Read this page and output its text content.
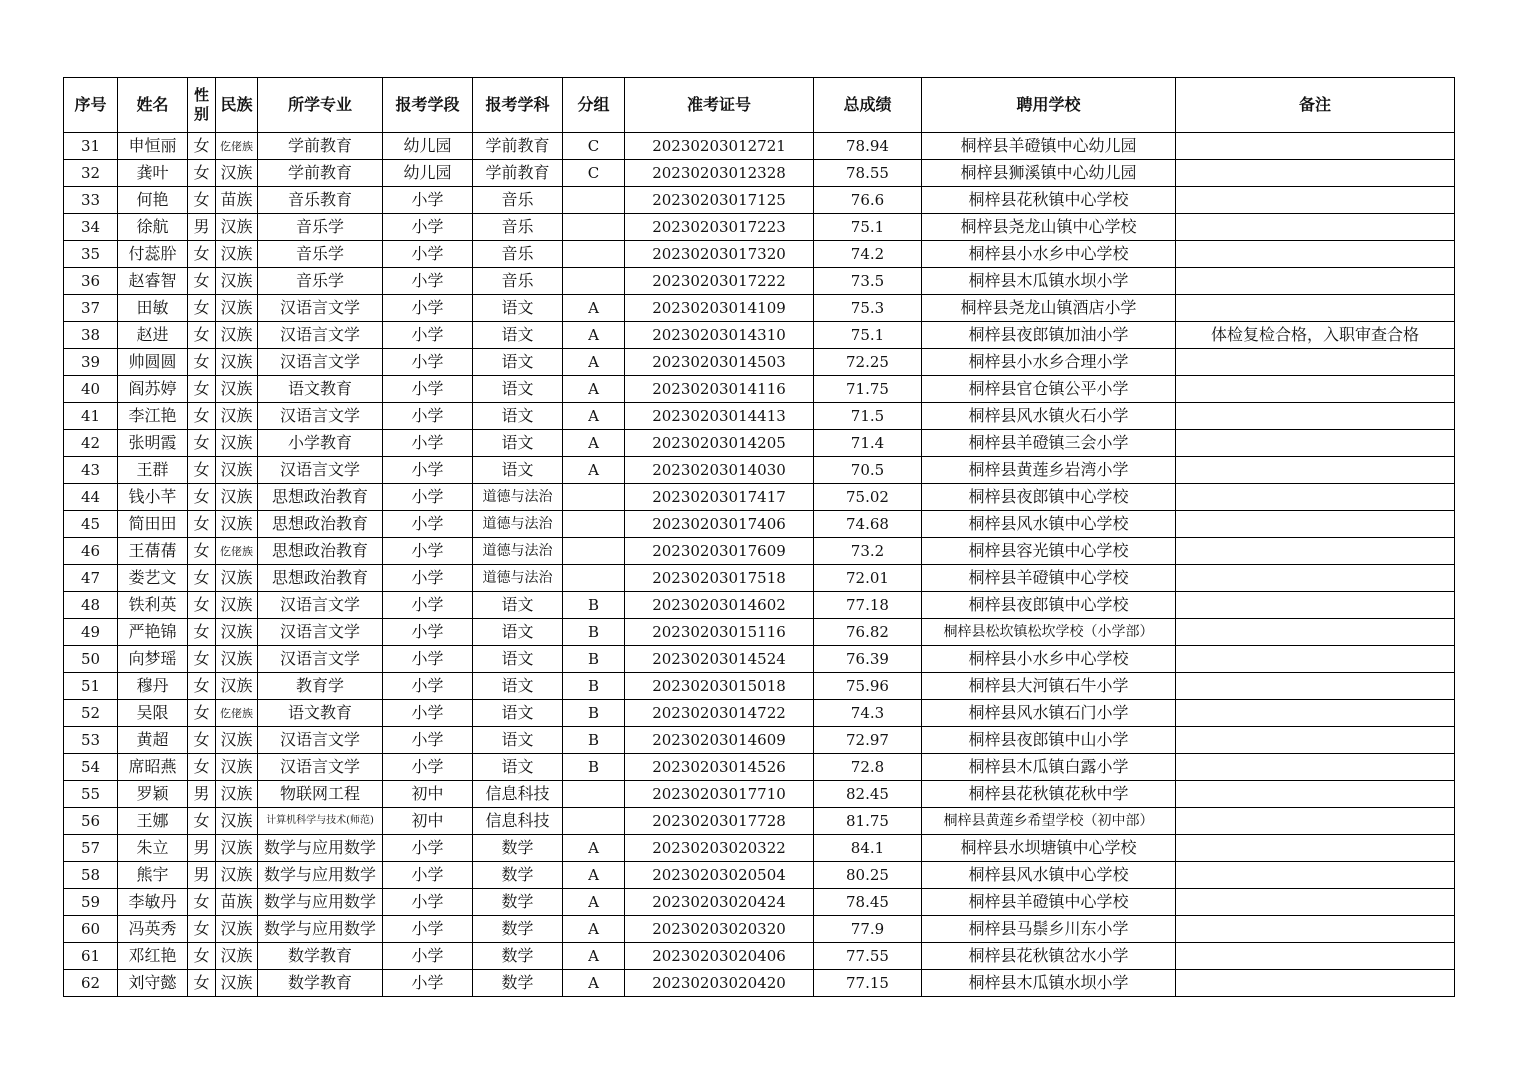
序号	姓名	性别	民族	所学专业	报考学段	报考学科	分组	准考证号	总成绩	聘用学校	备注
31	申恒丽	女	仡佬族	学前教育	幼儿园	学前教育	C	20230203012721	78.94	桐梓县羊磴镇中心幼儿园	
32	龚叶	女	汉族	学前教育	幼儿园	学前教育	C	20230203012328	78.55	桐梓县狮溪镇中心幼儿园	
33	何艳	女	苗族	音乐教育	小学	音乐		20230203017125	76.6	桐梓县花秋镇中心学校	
34	徐航	男	汉族	音乐学	小学	音乐		20230203017223	75.1	桐梓县尧龙山镇中心学校	
35	付蕊肸	女	汉族	音乐学	小学	音乐		20230203017320	74.2	桐梓县小水乡中心学校	
36	赵睿智	女	汉族	音乐学	小学	音乐		20230203017222	73.5	桐梓县木瓜镇水坝小学	
37	田敏	女	汉族	汉语言文学	小学	语文	A	20230203014109	75.3	桐梓县尧龙山镇酒店小学	
38	赵进	女	汉族	汉语言文学	小学	语文	A	20230203014310	75.1	桐梓县夜郎镇加油小学	体检复检合格，入职审查合格
39	帅圆圆	女	汉族	汉语言文学	小学	语文	A	20230203014503	72.25	桐梓县小水乡合理小学	
40	阎苏婷	女	汉族	语文教育	小学	语文	A	20230203014116	71.75	桐梓县官仓镇公平小学	
41	李江艳	女	汉族	汉语言文学	小学	语文	A	20230203014413	71.5	桐梓县风水镇火石小学	
42	张明霞	女	汉族	小学教育	小学	语文	A	20230203014205	71.4	桐梓县羊磴镇三会小学	
43	王群	女	汉族	汉语言文学	小学	语文	A	20230203014030	70.5	桐梓县黄莲乡岩湾小学	
44	钱小芊	女	汉族	思想政治教育	小学	道德与法治		20230203017417	75.02	桐梓县夜郎镇中心学校	
45	简田田	女	汉族	思想政治教育	小学	道德与法治		20230203017406	74.68	桐梓县风水镇中心学校	
46	王蒨蒨	女	仡佬族	思想政治教育	小学	道德与法治		20230203017609	73.2	桐梓县容光镇中心学校	
47	娄艺文	女	汉族	思想政治教育	小学	道德与法治		20230203017518	72.01	桐梓县羊磴镇中心学校	
48	铁利英	女	汉族	汉语言文学	小学	语文	B	20230203014602	77.18	桐梓县夜郎镇中心学校	
49	严艳锦	女	汉族	汉语言文学	小学	语文	B	20230203015116	76.82	桐梓县松坎镇松坎学校（小学部）	
50	向梦瑶	女	汉族	汉语言文学	小学	语文	B	20230203014524	76.39	桐梓县小水乡中心学校	
51	穆丹	女	汉族	教育学	小学	语文	B	20230203015018	75.96	桐梓县大河镇石牛小学	
52	吴限	女	仡佬族	语文教育	小学	语文	B	20230203014722	74.3	桐梓县风水镇石门小学	
53	黄超	女	汉族	汉语言文学	小学	语文	B	20230203014609	72.97	桐梓县夜郎镇中山小学	
54	席昭燕	女	汉族	汉语言文学	小学	语文	B	20230203014526	72.8	桐梓县木瓜镇白露小学	
55	罗颖	男	汉族	物联网工程	初中	信息科技		20230203017710	82.45	桐梓县花秋镇花秋中学	
56	王娜	女	汉族	计算机科学与技术(师范)	初中	信息科技		20230203017728	81.75	桐梓县黄莲乡希望学校（初中部）	
57	朱立	男	汉族	数学与应用数学	小学	数学	A	20230203020322	84.1	桐梓县水坝塘镇中心学校	
58	熊宇	男	汉族	数学与应用数学	小学	数学	A	20230203020504	80.25	桐梓县风水镇中心学校	
59	李敏丹	女	苗族	数学与应用数学	小学	数学	A	20230203020424	78.45	桐梓县羊磴镇中心学校	
60	冯英秀	女	汉族	数学与应用数学	小学	数学	A	20230203020320	77.9	桐梓县马鬃乡川东小学	
61	邓红艳	女	汉族	数学教育	小学	数学	A	20230203020406	77.55	桐梓县花秋镇岔水小学	
62	刘守懿	女	汉族	数学教育	小学	数学	A	20230203020420	77.15	桐梓县木瓜镇水坝小学	
